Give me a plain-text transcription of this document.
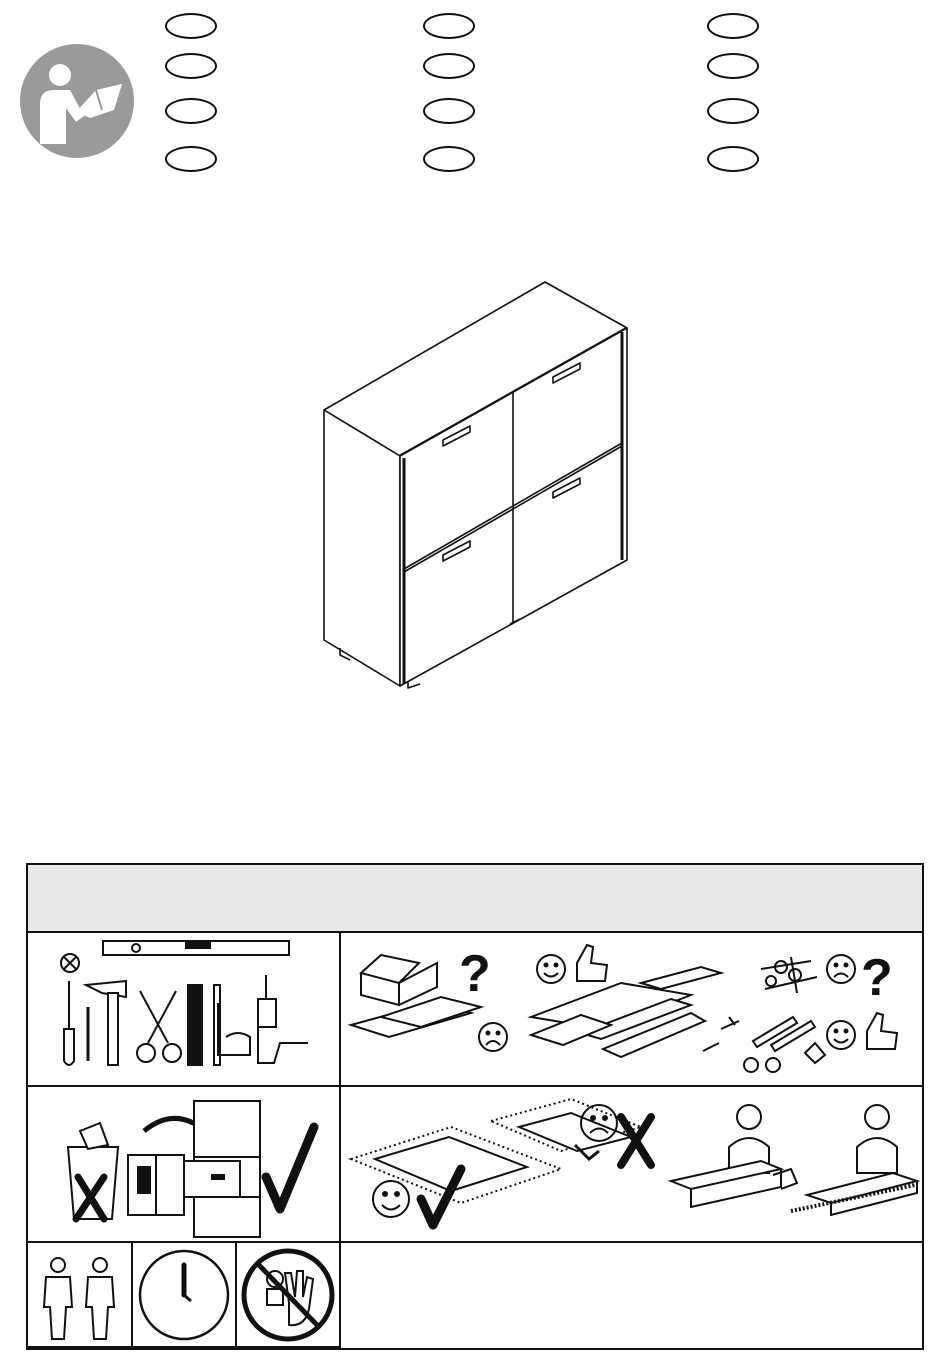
?	?
